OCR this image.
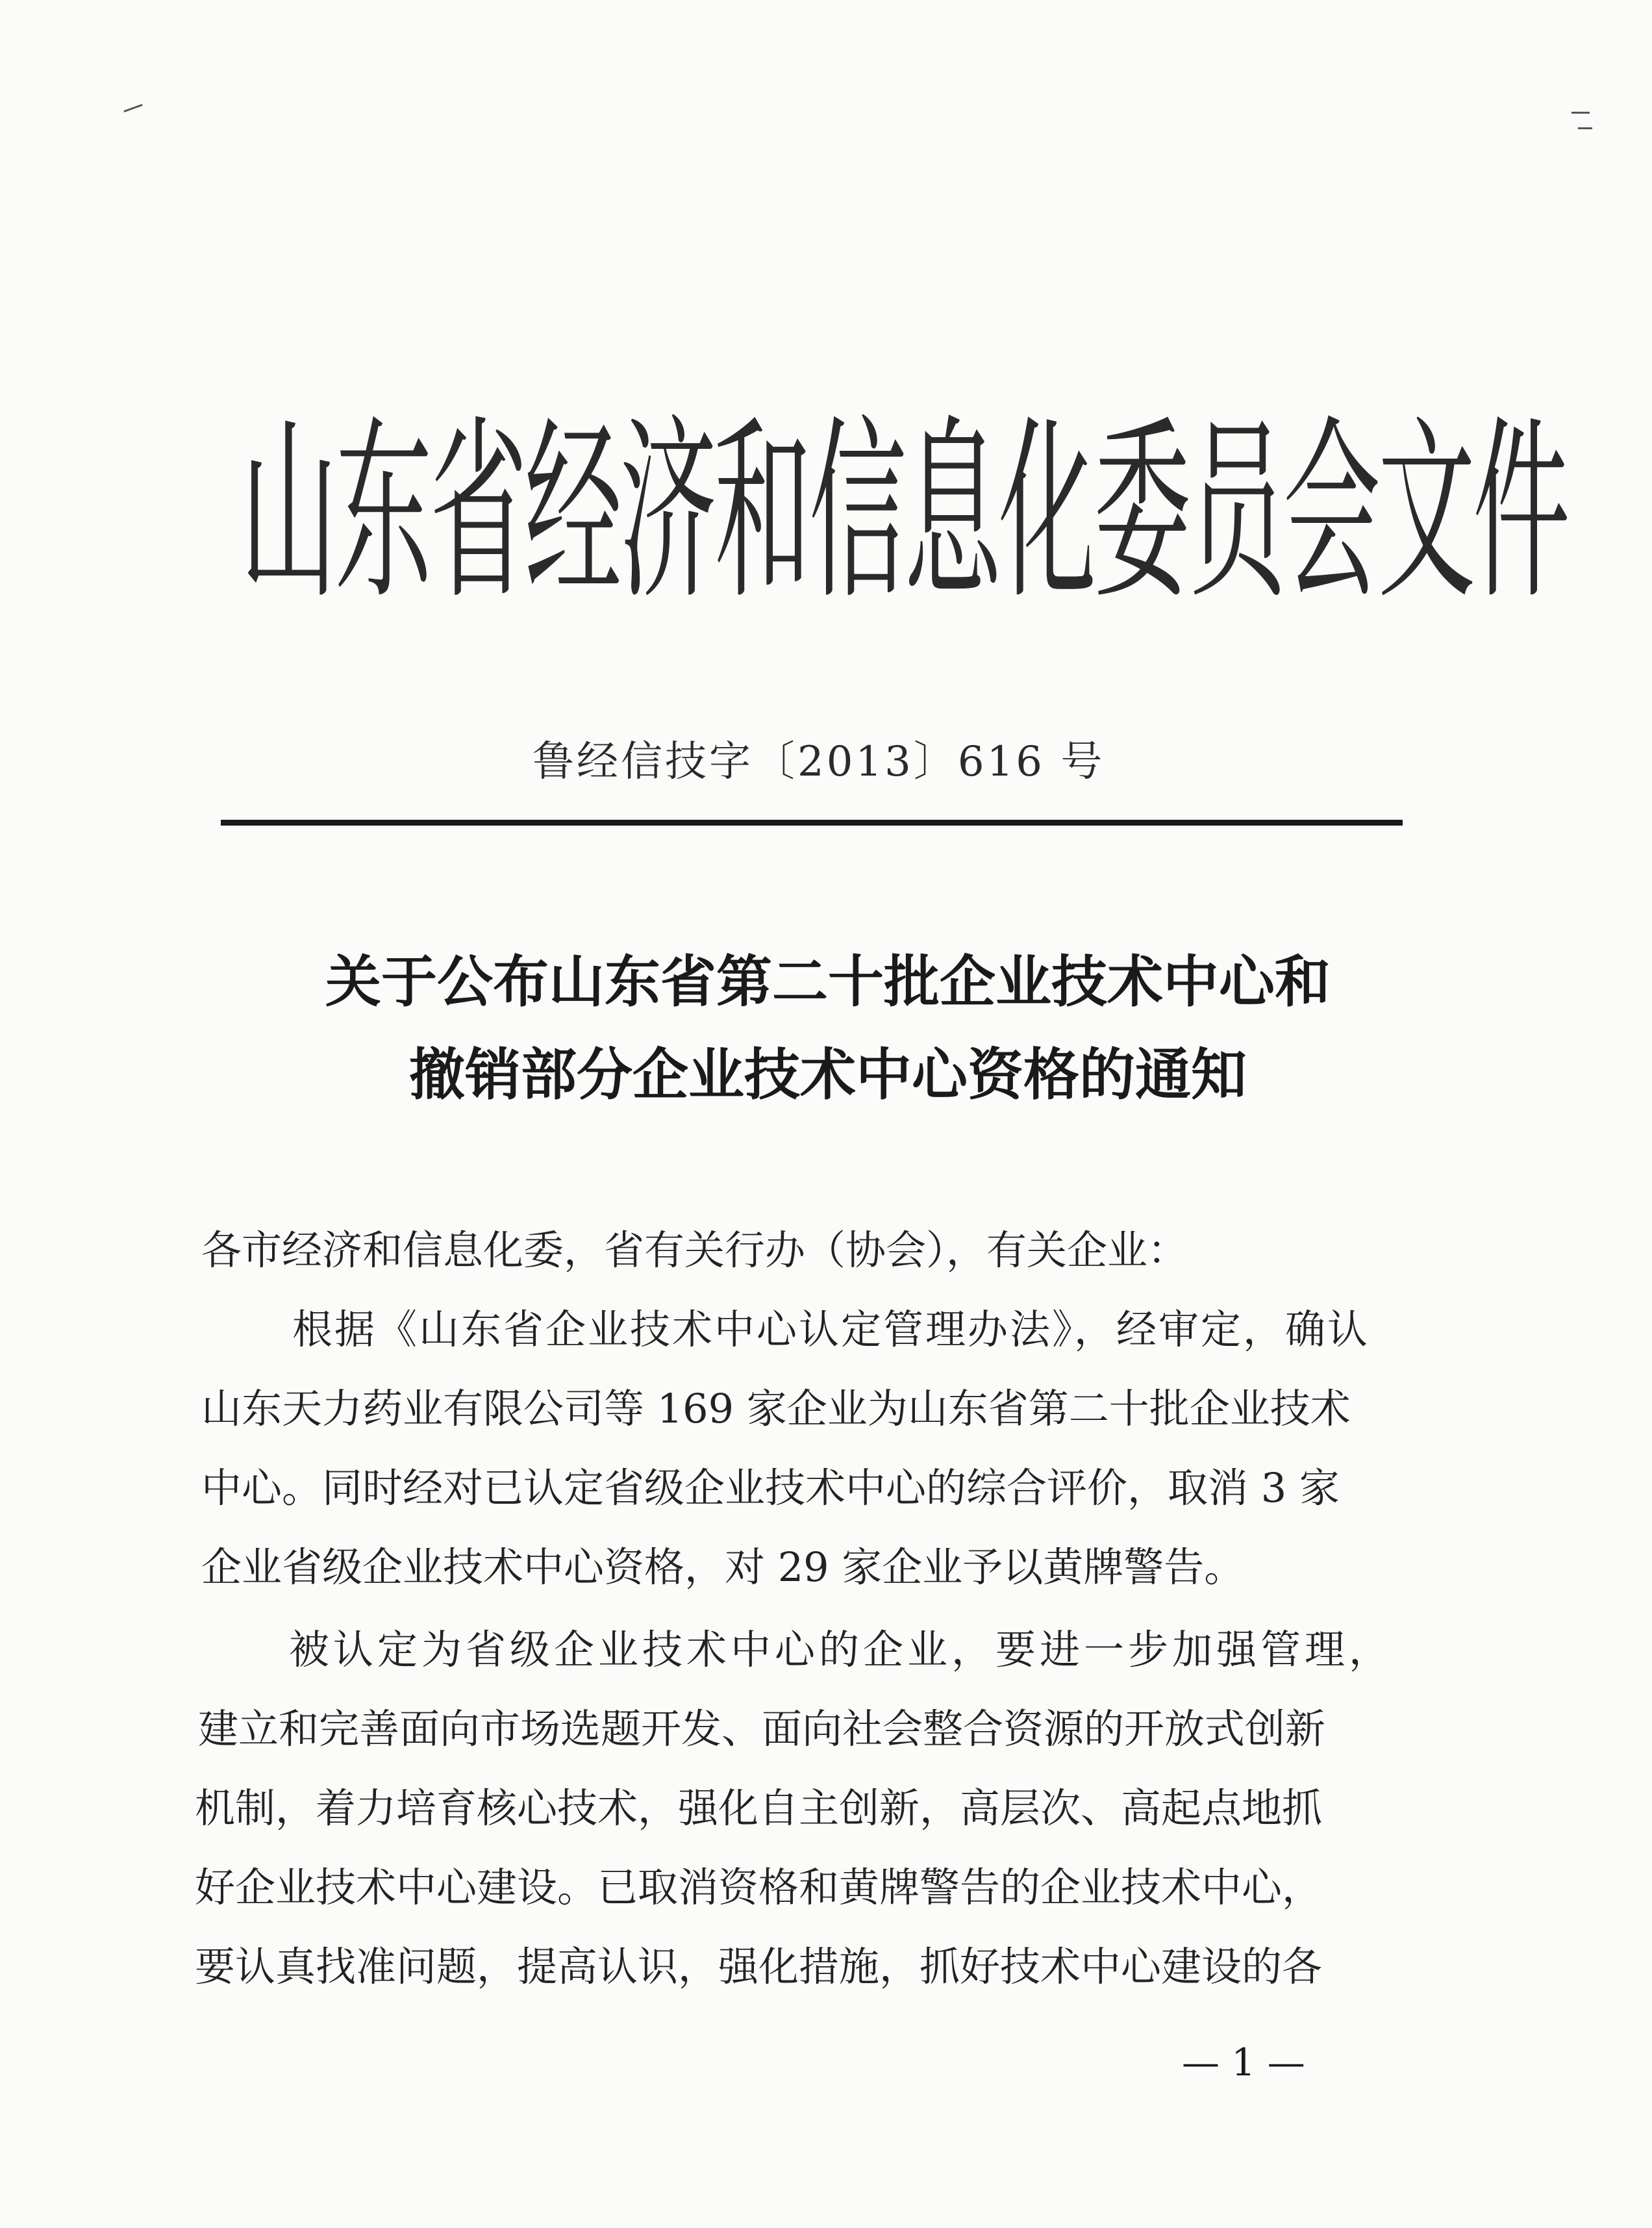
山东省经济和信息化委员会文件
鲁经信技字〔2013〕616 号
关于公布山东省第二十批企业技术中心和
撤销部分企业技术中心资格的通知
各市经济和信息化委，省有关行办（协会），有关企业：
根据《山东省企业技术中心认定管理办法》，经审定，确认
山东天力药业有限公司等 169 家企业为山东省第二十批企业技术
中心。同时经对已认定省级企业技术中心的综合评价，取消 3 家
企业省级企业技术中心资格，对 29 家企业予以黄牌警告。
被认定为省级企业技术中心的企业，要进一步加强管理，
建立和完善面向市场选题开发、面向社会整合资源的开放式创新
机制，着力培育核心技术，强化自主创新，高层次、高起点地抓
好企业技术中心建设。已取消资格和黄牌警告的企业技术中心，
要认真找准问题，提高认识，强化措施，抓好技术中心建设的各
— 1 —
